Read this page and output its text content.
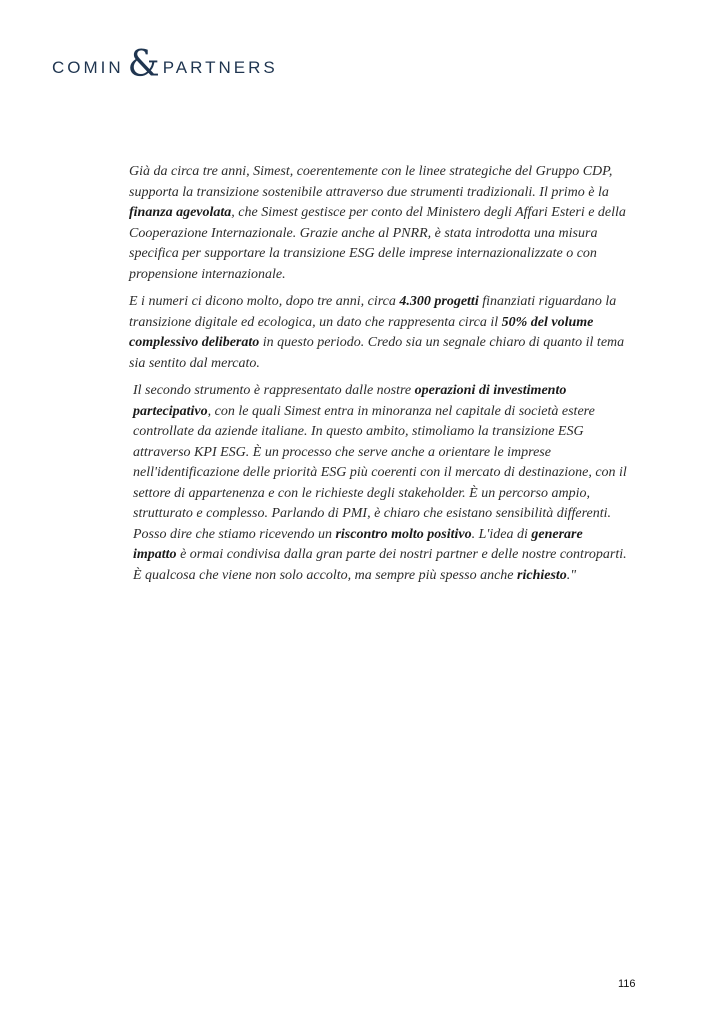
COMIN & PARTNERS

Già da circa tre anni, Simest, coerentemente con le linee strategiche del Gruppo CDP, supporta la transizione sostenibile attraverso due strumenti tradizionali. Il primo è la finanza agevolata, che Simest gestisce per conto del Ministero degli Affari Esteri e della Cooperazione Internazionale. Grazie anche al PNRR, è stata introdotta una misura specifica per supportare la transizione ESG delle imprese internazionalizzate o con propensione internazionale.

E i numeri ci dicono molto, dopo tre anni, circa 4.300 progetti finanziati riguardano la transizione digitale ed ecologica, un dato che rappresenta circa il 50% del volume complessivo deliberato in questo periodo. Credo sia un segnale chiaro di quanto il tema sia sentito dal mercato.

Il secondo strumento è rappresentato dalle nostre operazioni di investimento partecipativo, con le quali Simest entra in minoranza nel capitale di società estere controllate da aziende italiane. In questo ambito, stimoliamo la transizione ESG attraverso KPI ESG. È un processo che serve anche a orientare le imprese nell'identificazione delle priorità ESG più coerenti con il mercato di destinazione, con il settore di appartenenza e con le richieste degli stakeholder. È un percorso ampio, strutturato e complesso. Parlando di PMI, è chiaro che esistano sensibilità differenti. Posso dire che stiamo ricevendo un riscontro molto positivo. L'idea di generare impatto è ormai condivisa dalla gran parte dei nostri partner e delle nostre controparti. È qualcosa che viene non solo accolto, ma sempre più spesso anche richiesto."

116
